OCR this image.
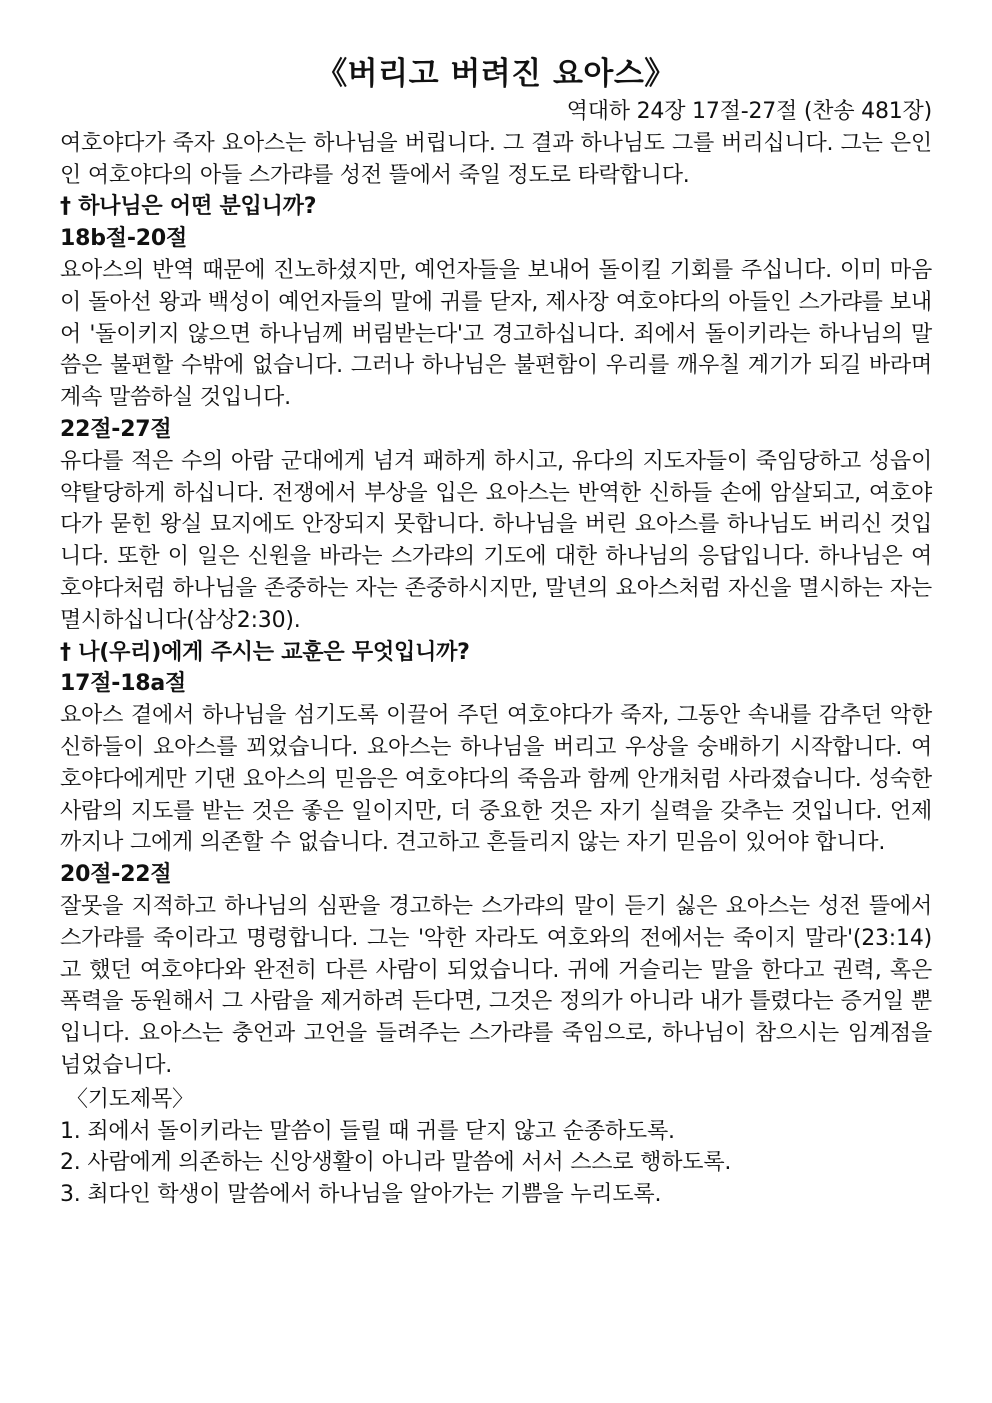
《버리고 버려진 요아스》
역대하 24장 17절-27절 (찬송 481장)

여호야다가 죽자 요아스는 하나님을 버립니다. 그 결과 하나님도 그를 버리십니다. 그는 은인인 여호야다의 아들 스가랴를 성전 뜰에서 죽일 정도로 타락합니다.

† 하나님은 어떤 분입니까?
18b절-20절

요아스의 반역 때문에 진노하셨지만, 예언자들을 보내어 돌이킬 기회를 주십니다. 이미 마음이 돌아선 왕과 백성이 예언자들의 말에 귀를 닫자, 제사장 여호야다의 아들인 스가랴를 보내어 '돌이키지 않으면 하나님께 버림받는다'고 경고하십니다. 죄에서 돌이키라는 하나님의 말씀은 불편할 수밖에 없습니다. 그러나 하나님은 불편함이 우리를 깨우칠 계기가 되길 바라며 계속 말씀하실 것입니다.

22절-27절

유다를 적은 수의 아람 군대에게 넘겨 패하게 하시고, 유다의 지도자들이 죽임당하고 성읍이 약탈당하게 하십니다. 전쟁에서 부상을 입은 요아스는 반역한 신하들 손에 암살되고, 여호야다가 묻힌 왕실 묘지에도 안장되지 못합니다. 하나님을 버린 요아스를 하나님도 버리신 것입니다. 또한 이 일은 신원을 바라는 스가랴의 기도에 대한 하나님의 응답입니다. 하나님은 여호야다처럼 하나님을 존중하는 자는 존중하시지만, 말년의 요아스처럼 자신을 멸시하는 자는 멸시하십니다(삼상2:30).

† 나(우리)에게 주시는 교훈은 무엇입니까?
17절-18a절

요아스 곁에서 하나님을 섬기도록 이끌어 주던 여호야다가 죽자, 그동안 속내를 감추던 악한 신하들이 요아스를 꾀었습니다. 요아스는 하나님을 버리고 우상을 숭배하기 시작합니다. 여호야다에게만 기댄 요아스의 믿음은 여호야다의 죽음과 함께 안개처럼 사라졌습니다. 성숙한 사람의 지도를 받는 것은 좋은 일이지만, 더 중요한 것은 자기 실력을 갖추는 것입니다. 언제까지나 그에게 의존할 수 없습니다. 견고하고 흔들리지 않는 자기 믿음이 있어야 합니다.

20절-22절

잘못을 지적하고 하나님의 심판을 경고하는 스가랴의 말이 듣기 싫은 요아스는 성전 뜰에서 스가랴를 죽이라고 명령합니다. 그는 '악한 자라도 여호와의 전에서는 죽이지 말라'(23:14)고 했던 여호야다와 완전히 다른 사람이 되었습니다. 귀에 거슬리는 말을 한다고 권력, 혹은 폭력을 동원해서 그 사람을 제거하려 든다면, 그것은 정의가 아니라 내가 틀렸다는 증거일 뿐입니다. 요아스는 충언과 고언을 들려주는 스가랴를 죽임으로, 하나님이 참으시는 임계점을 넘었습니다.

〈기도제목〉
1. 죄에서 돌이키라는 말씀이 들릴 때 귀를 닫지 않고 순종하도록.
2. 사람에게 의존하는 신앙생활이 아니라 말씀에 서서 스스로 행하도록.
3. 최다인 학생이 말씀에서 하나님을 알아가는 기쁨을 누리도록.
